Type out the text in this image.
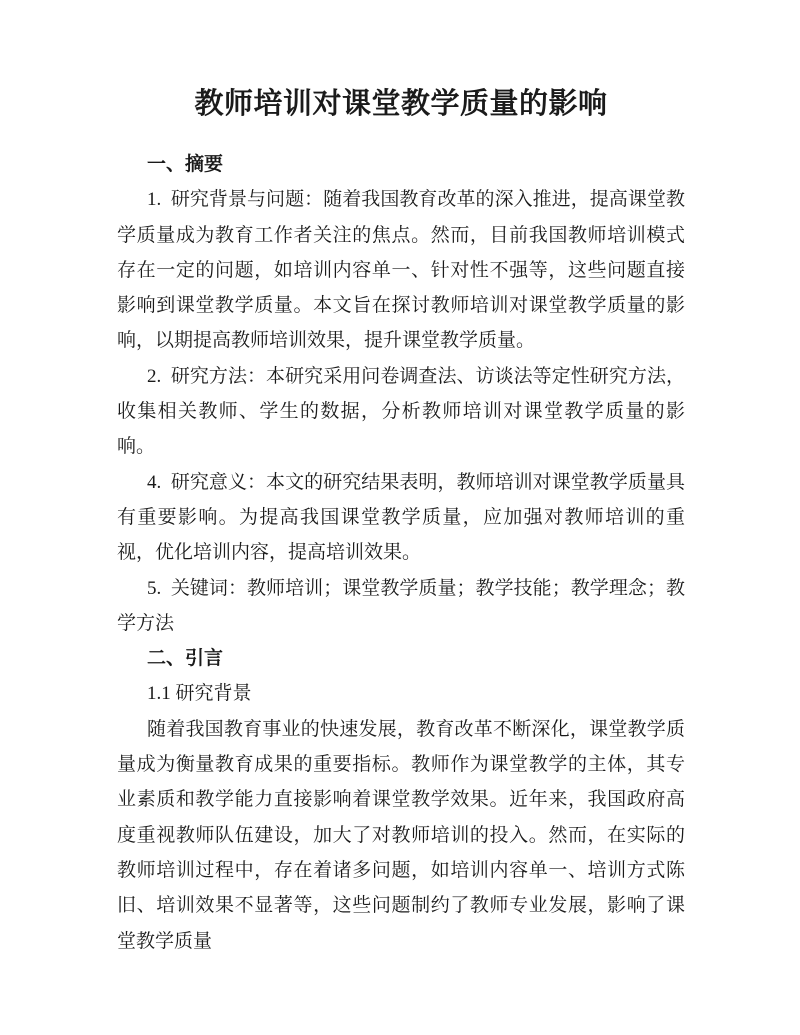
教师培训对课堂教学质量的影响

一、摘要

1.  研究背景与问题：随着我国教育改革的深入推进，提高课堂教学质量成为教育工作者关注的焦点。然而，目前我国教师培训模式存在一定的问题，如培训内容单一、针对性不强等，这些问题直接影响到课堂教学质量。本文旨在探讨教师培训对课堂教学质量的影响，以期提高教师培训效果，提升课堂教学质量。

2.  研究方法：本研究采用问卷调查法、访谈法等定性研究方法，收集相关教师、学生的数据，分析教师培训对课堂教学质量的影响。

4.  研究意义：本文的研究结果表明，教师培训对课堂教学质量具有重要影响。为提高我国课堂教学质量，应加强对教师培训的重视，优化培训内容，提高培训效果。

5.  关键词：教师培训；课堂教学质量；教学技能；教学理念；教学方法

二、引言

1.1 研究背景

随着我国教育事业的快速发展，教育改革不断深化，课堂教学质量成为衡量教育成果的重要指标。教师作为课堂教学的主体，其专业素质和教学能力直接影响着课堂教学效果。近年来，我国政府高度重视教师队伍建设，加大了对教师培训的投入。然而，在实际的教师培训过程中，存在着诸多问题，如培训内容单一、培训方式陈旧、培训效果不显著等，这些问题制约了教师专业发展，影响了课堂教学质量
